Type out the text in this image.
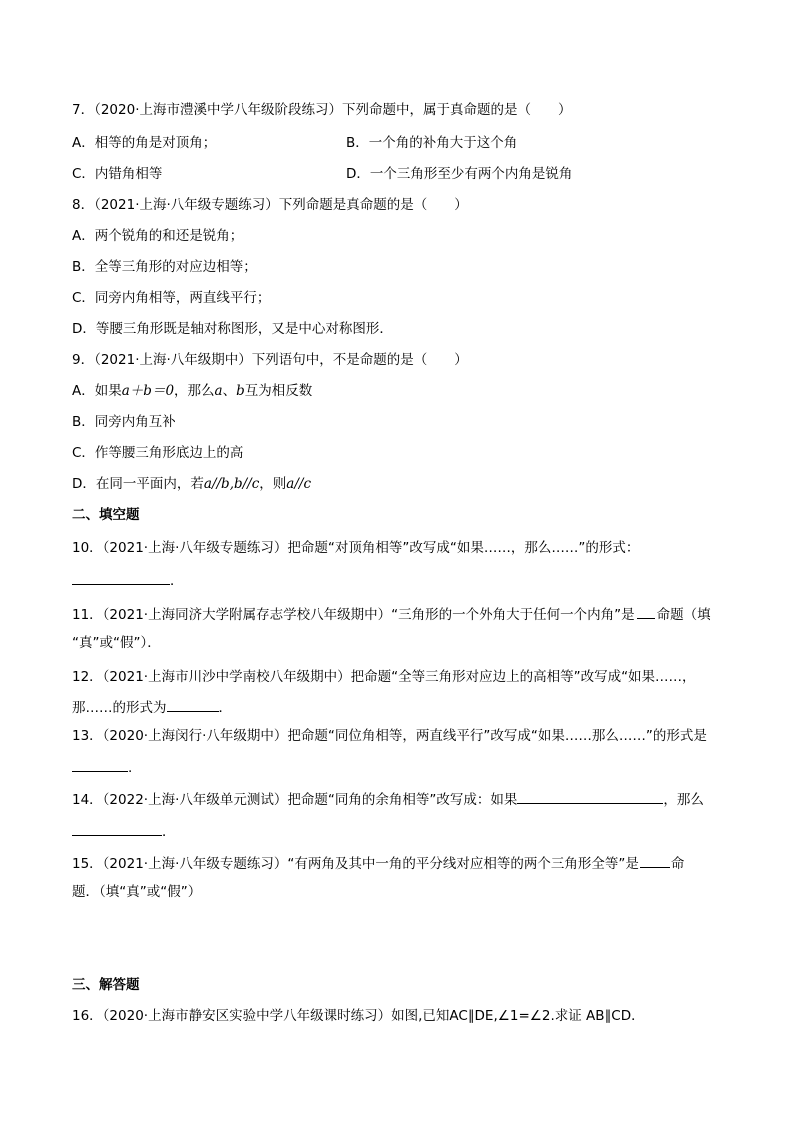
7．（2020·上海市澧溪中学八年级阶段练习）下列命题中，属于真命题的是（　　）
A．相等的角是对顶角；	B．一个角的补角大于这个角
C．内错角相等	D．一个三角形至少有两个内角是锐角
8．（2021·上海·八年级专题练习）下列命题是真命题的是（　　）
A．两个锐角的和还是锐角；
B．全等三角形的对应边相等；
C．同旁内角相等，两直线平行；
D．等腰三角形既是轴对称图形，又是中心对称图形．
9．（2021·上海·八年级期中）下列语句中，不是命题的是（　　）
A．如果a＋b＝0，那么a、b互为相反数
B．同旁内角互补
C．作等腰三角形底边上的高
D．在同一平面内，若a//b,b//c，则a//c
二、填空题
10．（2021·上海·八年级专题练习）把命题“对顶角相等”改写成“如果……，那么……”的形式：
．
11．（2021·上海同济大学附属存志学校八年级期中）“三角形的一个外角大于任何一个内角”是 命题（填
“真”或“假”）．
12．（2021·上海市川沙中学南校八年级期中）把命题“全等三角形对应边上的高相等”改写成“如果……，
那……的形式为	．
13．（2020·上海闵行·八年级期中）把命题“同位角相等，两直线平行”改写成“如果……那么……”的形式是
.
14．（2022·上海·八年级单元测试）把命题“同角的余角相等”改写成：如果	，那么
．
15．（2021·上海·八年级专题练习）“有两角及其中一角的平分线对应相等的两个三角形全等”是 命
题．（填“真”或“假”）
三、解答题
16．（2020·上海市静安区实验中学八年级课时练习）如图,已知AC∥DE,∠1=∠2.求证 AB∥CD．
